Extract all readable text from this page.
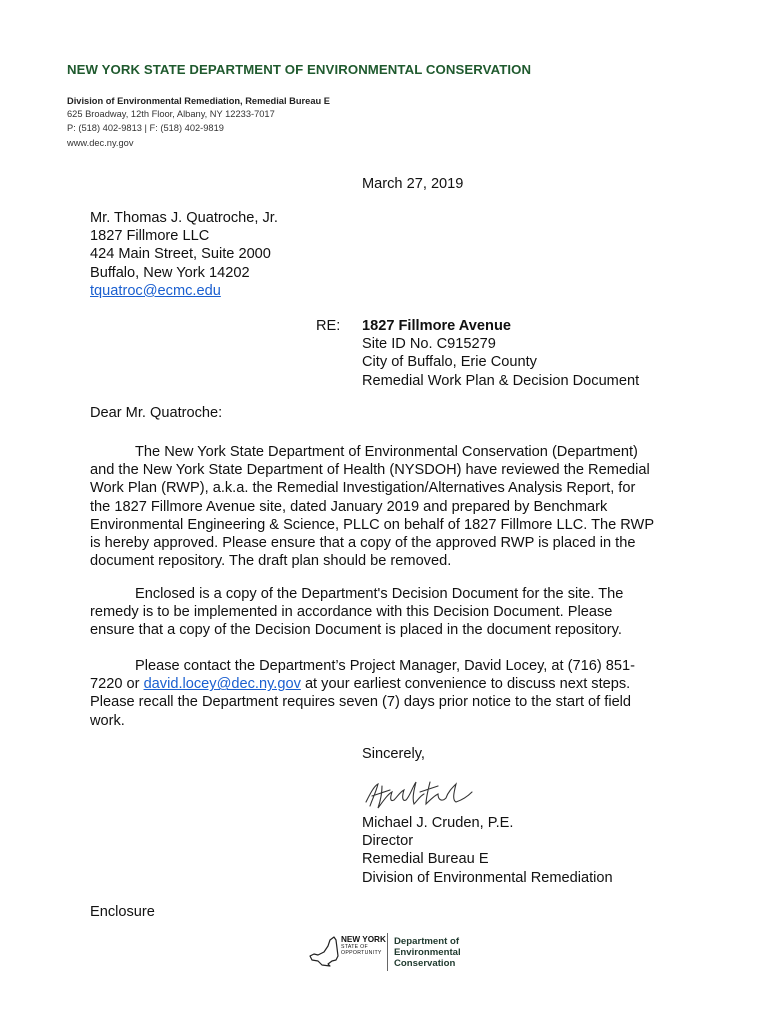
NEW YORK STATE DEPARTMENT OF ENVIRONMENTAL CONSERVATION
Division of Environmental Remediation, Remedial Bureau E
625 Broadway, 12th Floor, Albany, NY 12233-7017
P: (518) 402-9813 | F: (518) 402-9819
www.dec.ny.gov
March 27, 2019
Mr. Thomas J. Quatroche, Jr.
1827 Fillmore LLC
424 Main Street, Suite 2000
Buffalo, New York 14202
tquatroc@ecmc.edu
RE: 1827 Fillmore Avenue
Site ID No. C915279
City of Buffalo, Erie County
Remedial Work Plan & Decision Document
Dear Mr. Quatroche:
The New York State Department of Environmental Conservation (Department)
and the New York State Department of Health (NYSDOH) have reviewed the Remedial
Work Plan (RWP), a.k.a. the Remedial Investigation/Alternatives Analysis Report, for
the 1827 Fillmore Avenue site, dated January 2019 and prepared by Benchmark
Environmental Engineering & Science, PLLC on behalf of 1827 Fillmore LLC. The RWP
is hereby approved. Please ensure that a copy of the approved RWP is placed in the
document repository. The draft plan should be removed.
Enclosed is a copy of the Department's Decision Document for the site. The
remedy is to be implemented in accordance with this Decision Document. Please
ensure that a copy of the Decision Document is placed in the document repository.
Please contact the Department’s Project Manager, David Locey, at (716) 851-
7220 or david.locey@dec.ny.gov at your earliest convenience to discuss next steps.
Please recall the Department requires seven (7) days prior notice to the start of field
work.
Sincerely,
Michael J. Cruden, P.E.
Director
Remedial Bureau E
Division of Environmental Remediation
Enclosure
NEW YORK
STATE OF
OPPORTUNITY
Department of
Environmental
Conservation
